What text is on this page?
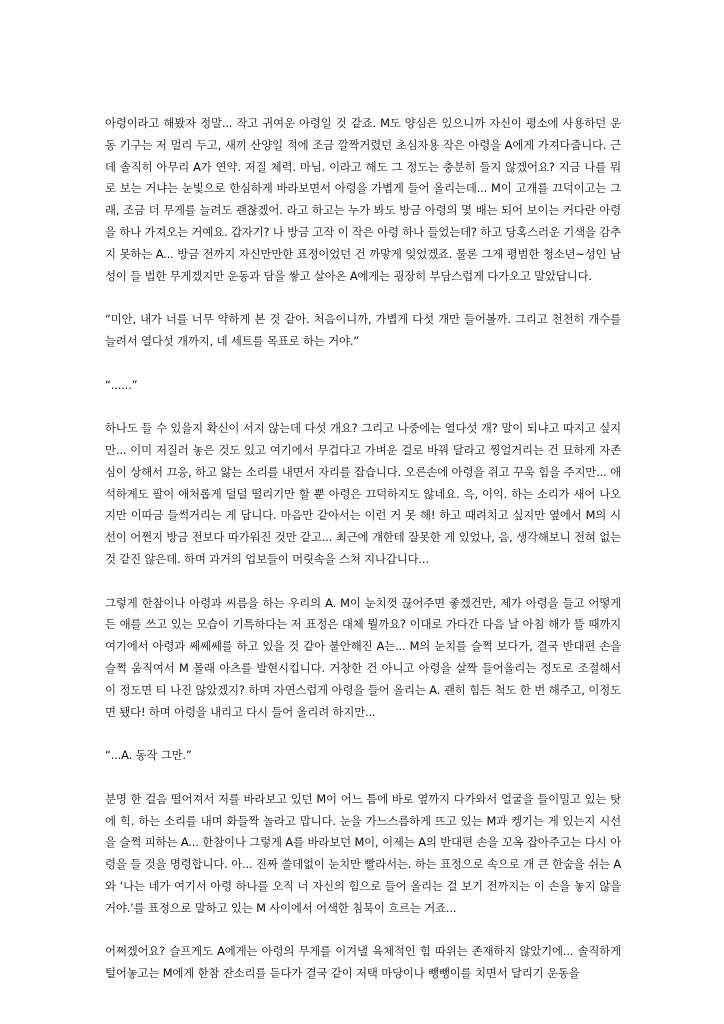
아령이라고 해봤자 정말... 작고 귀여운 아령일 것 같죠. M도 양심은 있으니까 자신이 평소에 사용하던 운동 기구는 저 멀리 두고, 새끼 산양일 적에 조금 깔짝거렸던 초심자용 작은 아령을 A에게 가져다줍니다. 근데 솔직히 아무리 A가 연약. 저질 체력. 마님. 이라고 해도 그 정도는 충분히 들지 않겠어요? 지금 나를 뭐로 보는 거냐는 눈빛으로 한심하게 바라보면서 아령을 가볍게 들어 올리는데... M이 고개를 끄덕이고는 그래, 조금 더 무게를 늘려도 괜찮겠어. 라고 하고는 누가 봐도 방금 아령의 몇 배는 되어 보이는 커다란 아령을 하나 가져오는 거예요. 갑자기? 나 방금 고작 이 작은 아령 하나 들었는데? 하고 당혹스러운 기색을 감추지 못하는 A... 방금 전까지 자신만만한 표정이었던 건 까맣게 잊었겠죠. 물론 그게 평범한 청소년~성인 남성이 들 법한 무게겠지만 운동과 담을 쌓고 살아온 A에게는 굉장히 부담스럽게 다가오고 말았답니다.

“미안, 내가 너를 너무 약하게 본 것 같아. 처음이니까, 가볍게 다섯 개만 들어볼까. 그리고 천천히 개수를 늘려서 열다섯 개까지, 네 세트를 목표로 하는 거야.”

“......”

하나도 들 수 있을지 확신이 서지 않는데 다섯 개요? 그리고 나중에는 열다섯 개? 말이 되냐고 따지고 싶지만... 이미 저질러 놓은 것도 있고 여기에서 무겁다고 가벼운 걸로 바꿔 달라고 찡얼거리는 건 묘하게 자존심이 상해서 끄응, 하고 앓는 소리를 내면서 자리를 잡습니다. 오른손에 아령을 쥐고 꾸욱 힘을 주지만... 애석하게도 팔이 애처롭게 덜덜 떨리기만 할 뿐 아령은 끄덕하지도 않네요. 윽, 이익. 하는 소리가 새어 나오지만 이따금 들썩거리는 게 답니다. 마음만 같아서는 이런 거 못 해! 하고 때려치고 싶지만 옆에서 M의 시선이 어쩐지 방금 전보다 따가워진 것만 같고... 최근에 걔한테 잘못한 게 있었나, 음, 생각해보니 전혀 없는 것 같진 않은데. 하며 과거의 업보들이 머릿속을 스쳐 지나갑니다...

그렇게 한참이나 아령과 씨름을 하는 우리의 A. M이 눈치껏 끊어주면 좋겠건만, 제가 아령을 들고 어떻게든 애를 쓰고 있는 모습이 기특하다는 저 표정은 대체 뭘까요? 이대로 가다간 다음 날 아침 해가 뜰 때까지 여기에서 아령과 쎄쎄쎄를 하고 있을 것 같아 불안해진 A는... M의 눈치를 슬쩍 보다가, 결국 반대편 손을 슬쩍 움직여서 M 몰래 아츠를 발현시킵니다. 거창한 건 아니고 아령을 살짝 들어올리는 정도로 조절해서 이 정도면 티 나진 않았겠지? 하며 자연스럽게 아령을 들어 올리는 A. 괜히 힘든 척도 한 번 해주고, 이정도면 됐다! 하며 아령을 내리고 다시 들어 올리려 하지만...

“...A. 동작 그만.”

분명 한 걸음 떨어져서 저를 바라보고 있던 M이 어느 틈에 바로 옆까지 다가와서 얼굴을 들이밀고 있는 탓에 힉. 하는 소리를 내며 화들짝 놀라고 맙니다. 눈을 가느스름하게 뜨고 있는 M과 켕기는 게 있는지 시선을 슬쩍 피하는 A... 한참이나 그렇게 A를 바라보던 M이, 이제는 A의 반대편 손을 꼬옥 잡아주고는 다시 아령을 들 것을 명령합니다. 아... 진짜 쓸데없이 눈치만 빨라서는. 하는 표정으로 속으로 개 큰 한숨을 쉬는 A와 ‘나는 네가 여기서 아령 하나를 오직 너 자신의 힘으로 들어 올리는 걸 보기 전까지는 이 손을 놓지 않을 거야.’를 표정으로 말하고 있는 M 사이에서 어색한 침묵이 흐르는 거죠...

어쩌겠어요? 슬프게도 A에게는 아령의 무게를 이겨낼 육체적인 힘 따위는 존재하지 않았기에... 솔직하게 털어놓고는 M에게 한참 잔소리를 듣다가 결국 같이 저택 마당이나 뺑뺑이를 치면서 달리기 운동을
